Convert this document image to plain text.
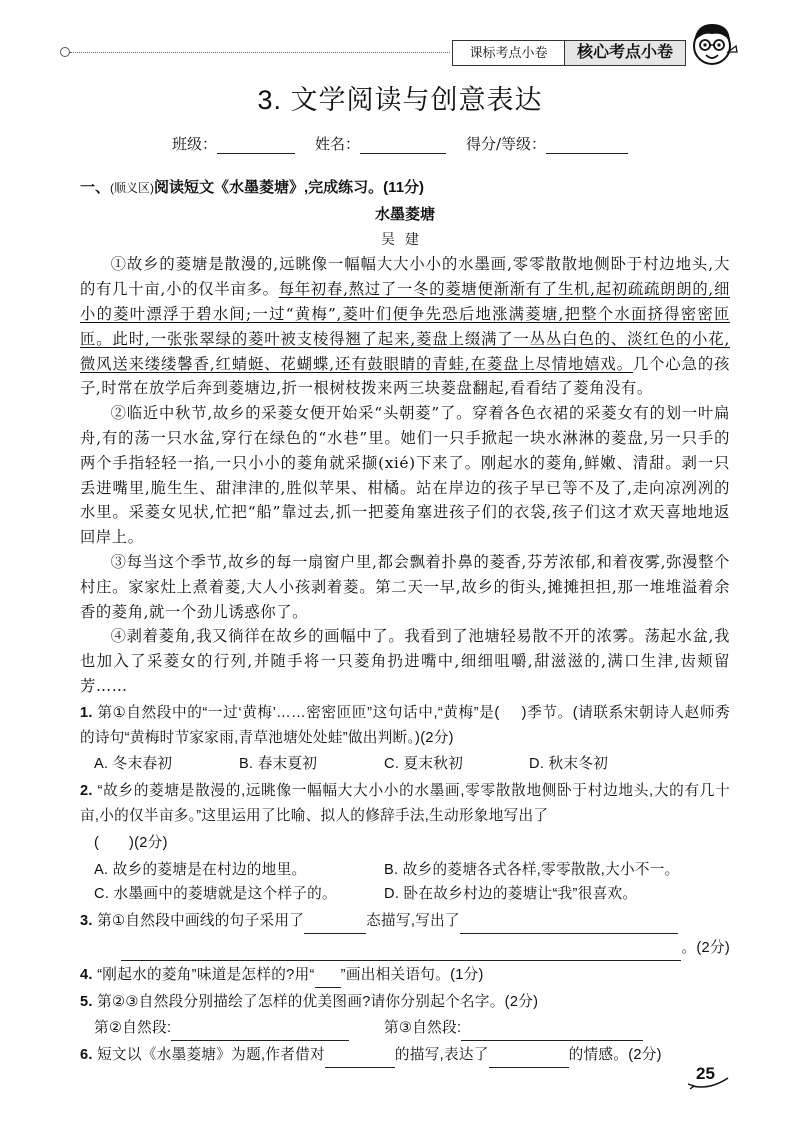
课标考点小卷	核心考点小卷
3. 文学阅读与创意表达
班级：	姓名：	得分/等级：
一、(顺义区)阅读短文《水墨菱塘》,完成练习。(11分)
水墨菱塘
吴建

①故乡的菱塘是散漫的,远眺像一幅幅大大小小的水墨画,零零散散地侧卧于村边地头,大的有几十亩,小的仅半亩多。每年初春,熬过了一冬的菱塘便渐渐有了生机,起初疏疏朗朗的,细小的菱叶漂浮于碧水间;一过“黄梅”,菱叶们便争先恐后地涨满菱塘,把整个水面挤得密密匝匝。此时,一张张翠绿的菱叶被支棱得翘了起来,菱盘上缀满了一丛丛白色的、淡红色的小花,微风送来缕缕馨香,红蜻蜓、花蝴蝶,还有鼓眼睛的青蛙,在菱盘上尽情地嬉戏。几个心急的孩子,时常在放学后奔到菱塘边,折一根树枝拨来两三块菱盘翻起,看看结了菱角没有。

②临近中秋节,故乡的采菱女便开始采“头朝菱”了。穿着各色衣裙的采菱女有的划一叶扁舟,有的荡一只水盆,穿行在绿色的“水巷”里。她们一只手掀起一块水淋淋的菱盘,另一只手的两个手指轻轻一掐,一只小小的菱角就采撷(xié)下来了。刚起水的菱角,鲜嫩、清甜。剥一只丢进嘴里,脆生生、甜津津的,胜似苹果、柑橘。站在岸边的孩子早已等不及了,走向凉冽冽的水里。采菱女见状,忙把“船”靠过去,抓一把菱角塞进孩子们的衣袋,孩子们这才欢天喜地地返回岸上。

③每当这个季节,故乡的每一扇窗户里,都会飘着扑鼻的菱香,芬芳浓郁,和着夜雾,弥漫整个村庄。家家灶上煮着菱,大人小孩剥着菱。第二天一早,故乡的街头,摊摊担担,那一堆堆溢着余香的菱角,就一个劲儿诱惑你了。

④剥着菱角,我又徜徉在故乡的画幅中了。我看到了池塘轻易散不开的浓雾。荡起水盆,我也加入了采菱女的行列,并随手将一只菱角扔进嘴中,细细咀嚼,甜滋滋的,满口生津,齿颊留芳……

1. 第①自然段中的“一过‘黄梅’……密密匝匝”这句话中,“黄梅”是( )季节。(请联系宋朝诗人赵师秀的诗句“黄梅时节家家雨,青草池塘处处蛙”做出判断。)(2分)
A. 冬末春初	B. 春末夏初	C. 夏末秋初	D. 秋末冬初
2. “故乡的菱塘是散漫的,远眺像一幅幅大大小小的水墨画,零零散散地侧卧于村边地头,大的有几十亩,小的仅半亩多。”这里运用了比喻、拟人的修辞手法,生动形象地写出了
(　　)(2分)
A. 故乡的菱塘是在村边的地里。	B. 故乡的菱塘各式各样,零零散散,大小不一。
C. 水墨画中的菱塘就是这个样子的。	D. 卧在故乡村边的菱塘让“我”很喜欢。
3. 第①自然段中画线的句子采用了	态描写,写出了
。(2分)
4. “刚起水的菱角”味道是怎样的?用“ ”画出相关语句。(1分)
5. 第②③自然段分别描绘了怎样的优美图画?请你分别起个名字。(2分)
第②自然段:	第③自然段:
6. 短文以《水墨菱塘》为题,作者借对	的描写,表达了	的情感。(2分)
25
